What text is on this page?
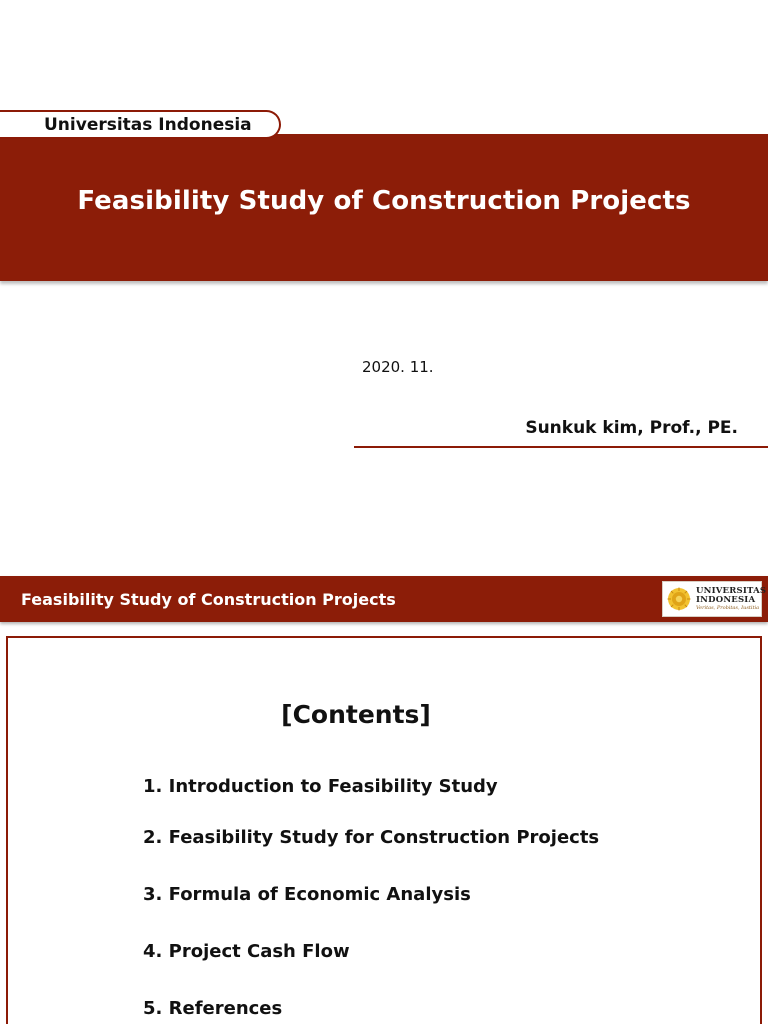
Feasibility Study of Construction Projects
Universitas Indonesia
2020. 11.
Sunkuk kim, Prof., PE.
Feasibility Study of Construction Projects	UNIVERSITAS
INDONESIA
Veritas, Probitas, Iustitia
[Contents]
1. Introduction to Feasibility Study
2. Feasibility Study for Construction Projects
3. Formula of Economic Analysis
4. Project Cash Flow
5. References
